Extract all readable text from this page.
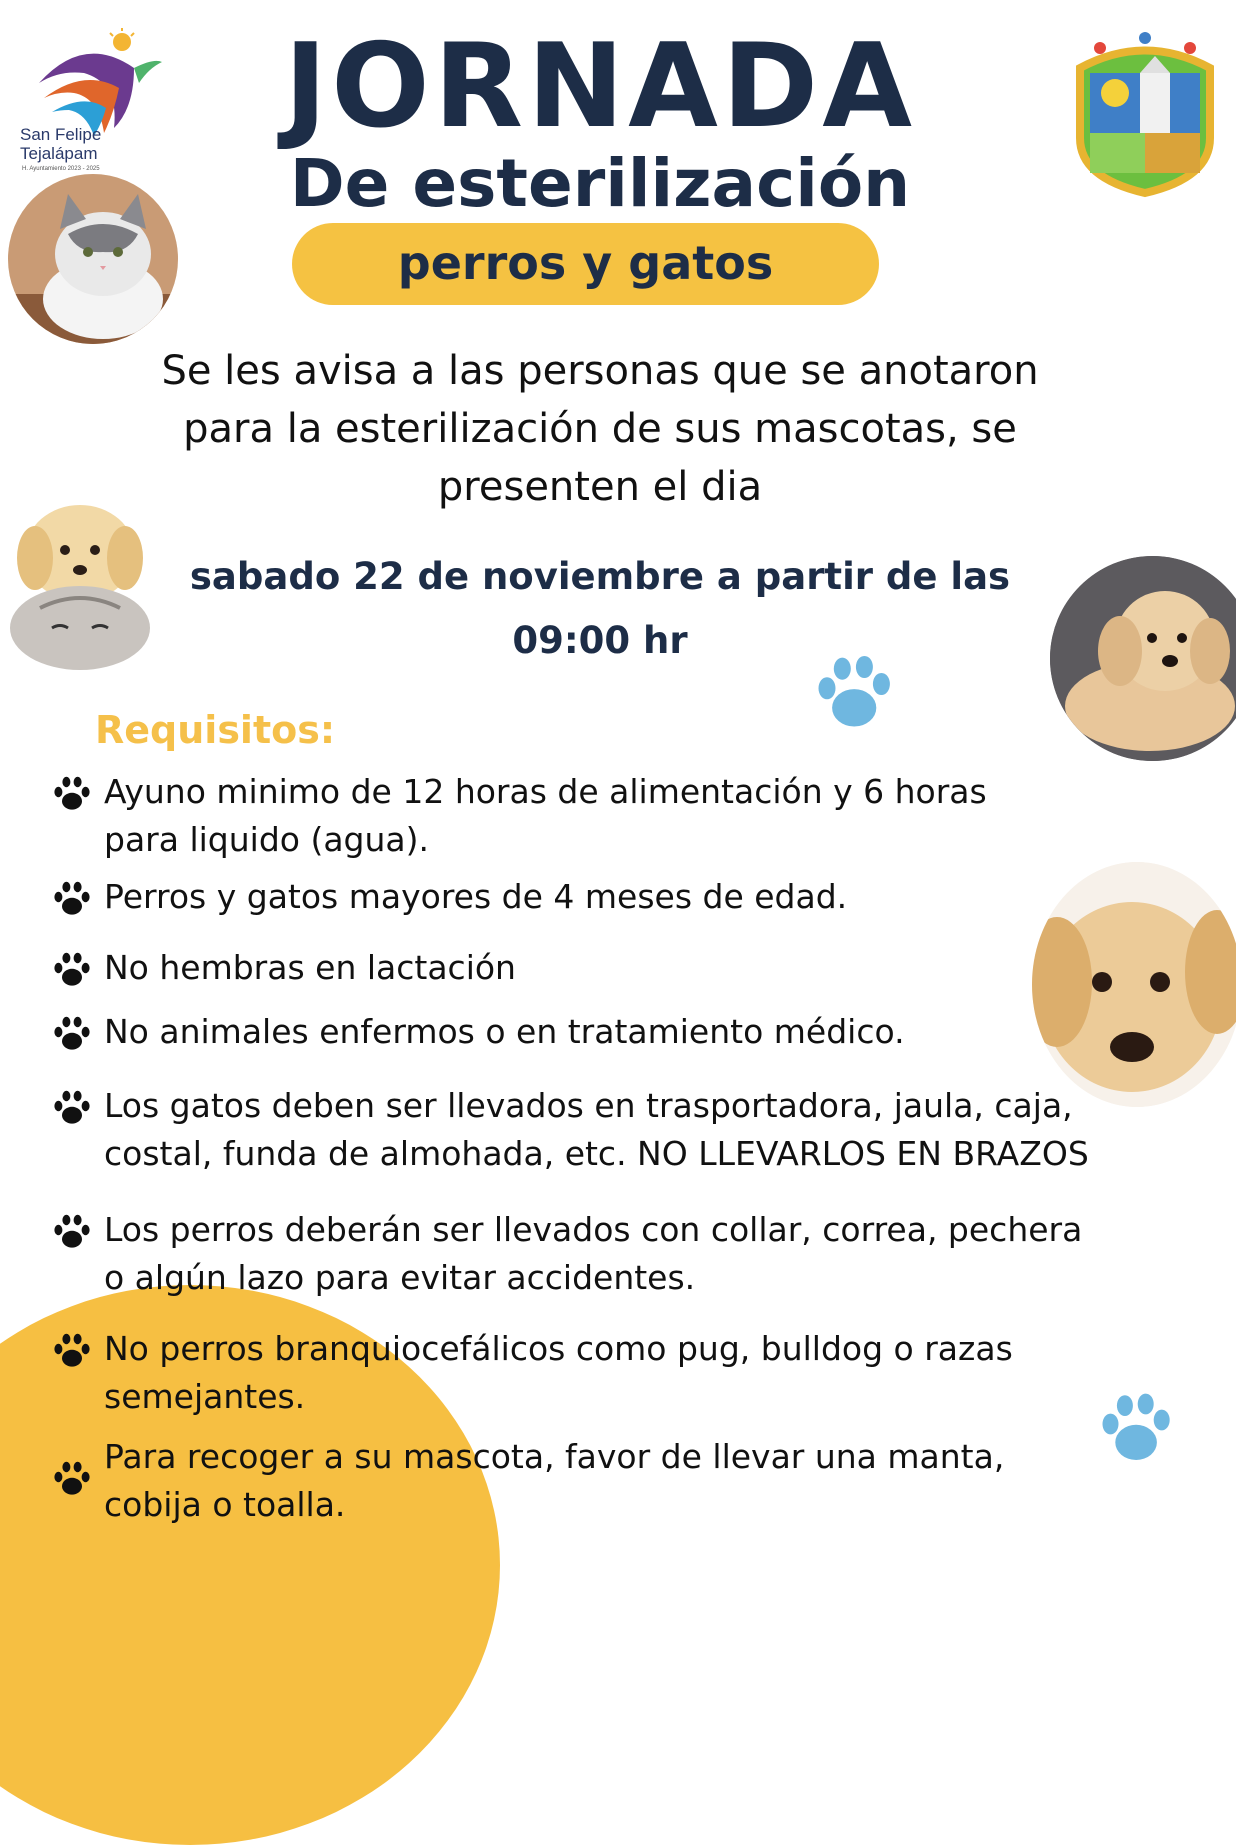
San Felipe
Tejalápam
H. Ayuntamiento 2023 - 2025
JORNADA
De esterilización
perros y gatos
Se les avisa a las personas que se anotaron
para la esterilización de sus mascotas, se
presenten el dia
sabado 22 de noviembre a partir de las
09:00 hr
Requisitos:
Ayuno minimo de 12 horas de alimentación y 6 horas
para liquido (agua).
Perros y gatos mayores de 4 meses de edad.
No hembras en lactación
No animales enfermos o en tratamiento médico.
Los gatos deben ser llevados en trasportadora, jaula, caja,
costal, funda de almohada, etc. NO LLEVARLOS EN BRAZOS
Los perros deberán ser llevados con collar, correa, pechera
o algún lazo para evitar accidentes.
No perros branquiocefálicos como pug, bulldog o razas
semejantes.
Para recoger a su mascota, favor de llevar una manta,
cobija o toalla.
